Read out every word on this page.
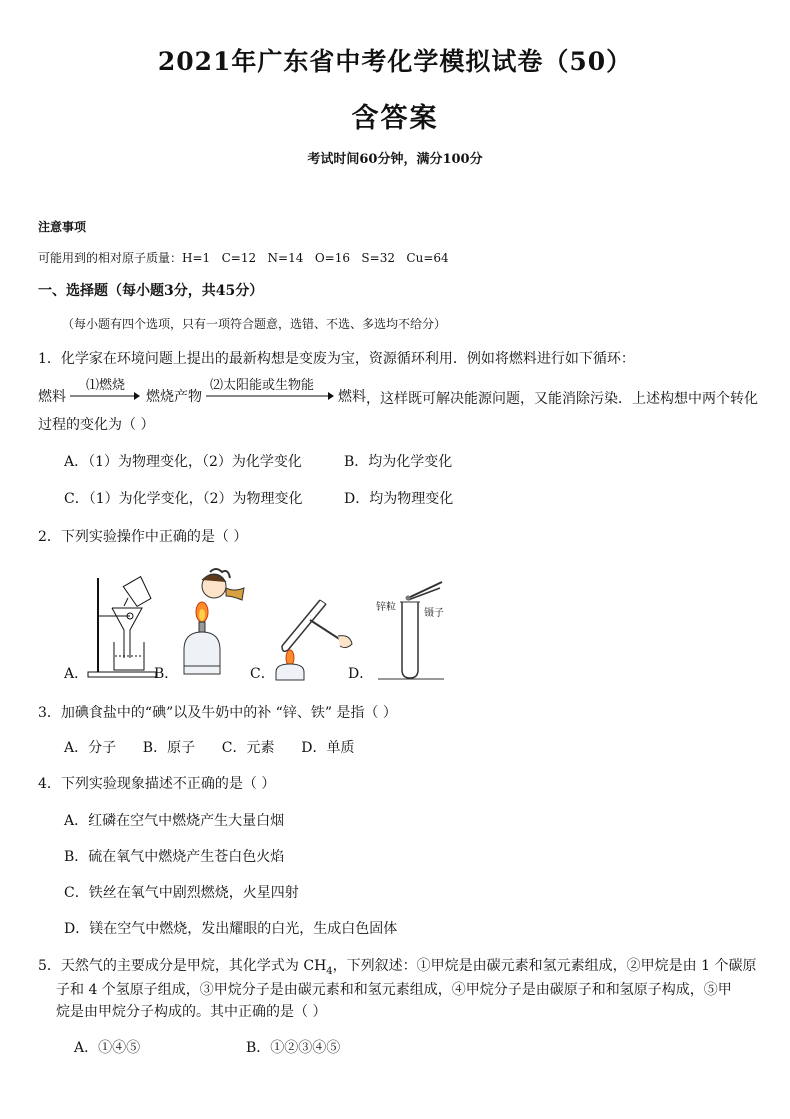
2021年广东省中考化学模拟试卷（50）
含答案
考试时间60分钟，满分100分
注意事项
可能用到的相对原子质量：H=1   C=12   N=14   O=16   S=32   Cu=64
一、选择题（每小题3分，共45分）
（每小题有四个选项，只有一项符合题意，选错、不选、多选均不给分）
1．化学家在环境问题上提出的最新构想是变废为宝，资源循环利用．例如将燃料进行如下循环：
燃料
⑴燃烧
燃烧产物
⑵太阳能或生物能
燃料 ，这样既可解决能源问题，又能消除污染．上述构想中两个转化
过程的变化为（ ）
A．（1）为物理变化，（2）为化学变化	B．均为化学变化
C．（1）为化学变化，（2）为物理变化	D．均为物理变化
2．下列实验操作中正确的是（ ）
A．	B．	C．	D．
锌粒
镊子
3．加碘食盐中的“碘”以及牛奶中的补 “锌、铁” 是指（ ）
A．分子      B．原子      C．元素      D．单质
4．下列实验现象描述不正确的是（ ）
A．红磷在空气中燃烧产生大量白烟
B．硫在氧气中燃烧产生苍白色火焰
C．铁丝在氧气中剧烈燃烧，火星四射
D．镁在空气中燃烧，发出耀眼的白光，生成白色固体
5．天然气的主要成分是甲烷，其化学式为 $CH_4$，下列叙述：①甲烷是由碳元素和氢元素组成，②甲烷是由 1 个碳原
子和 4 个氢原子组成，③甲烷分子是由碳元素和和氢元素组成，④甲烷分子是由碳原子和和氢原子构成，⑤甲
烷是由甲烷分子构成的。其中正确的是（ ）
A．①④⑤	B．①②③④⑤
